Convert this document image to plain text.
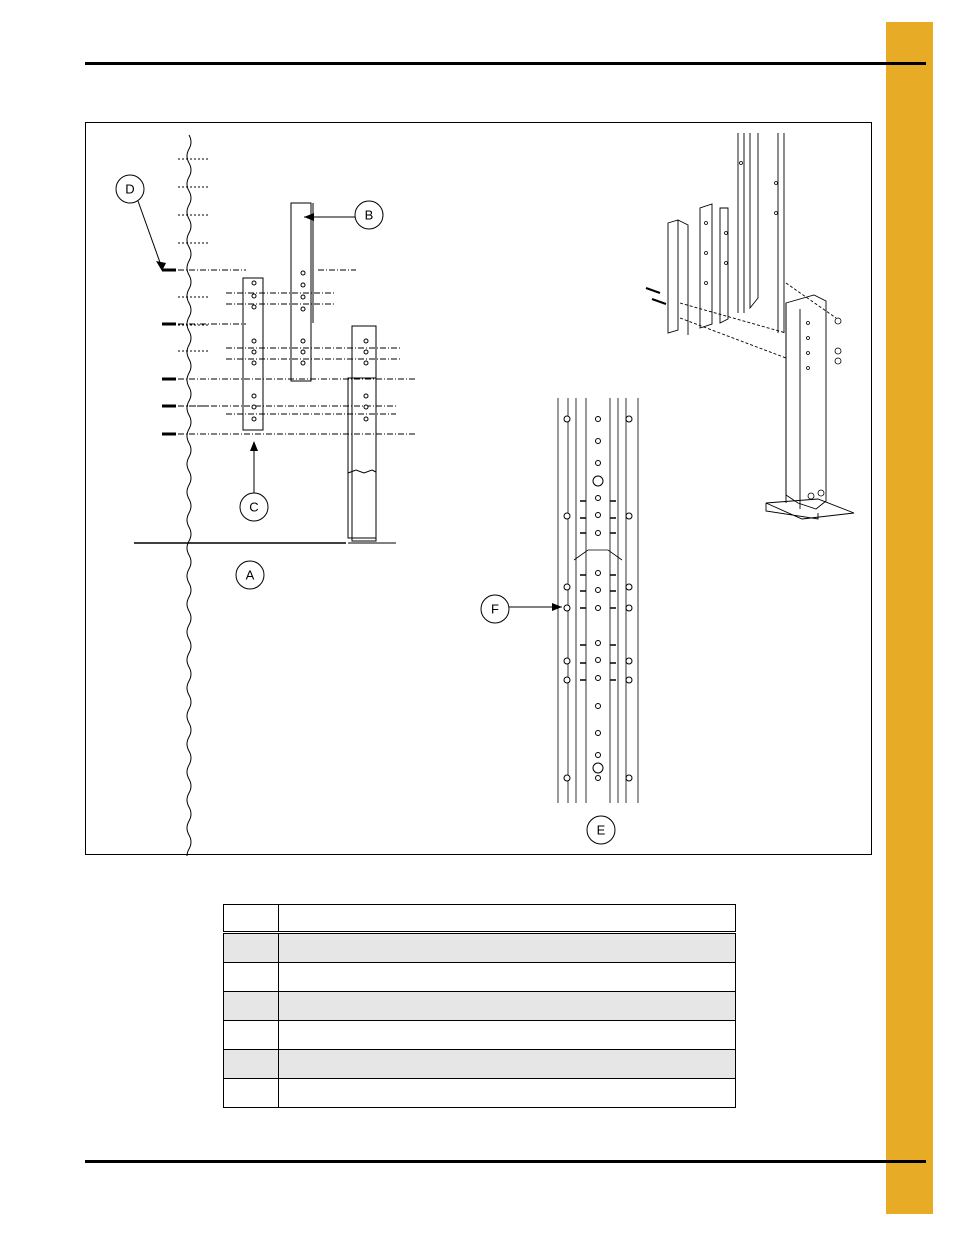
D
B
C
A
F
E
